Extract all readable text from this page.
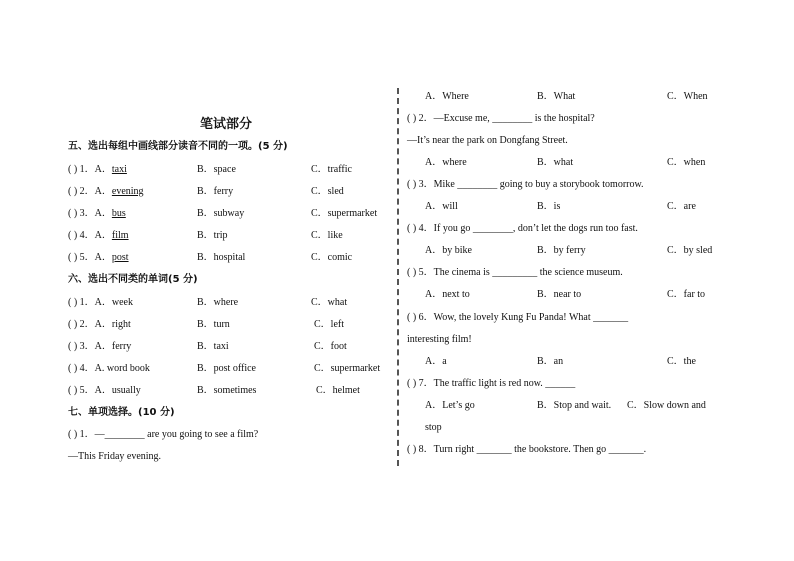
笔试部分
五、选出每组中画线部分读音不同的一项。(5 分)
( ) 1．A．taxi	B．space	C．traffic
( ) 2．A．evening	B．ferry	C．sled
( ) 3．A．bus	B．subway	C．supermarket
( ) 4．A．film	B．trip	C．like
( ) 5．A．post	B．hospital	C．comic
六、选出不同类的单词(5 分)
( ) 1．A．week	B．where	C．what
( ) 2．A．right	B．turn	C．left
( ) 3．A．ferry	B．taxi	C．foot
( ) 4．A. word book	B．post office	C．supermarket
( ) 5．A．usually	B．sometimes	C．helmet
七、单项选择。(10 分)
( ) 1．—________ are you going to see a film?
—This Friday evening.
A．Where	B．What	C．When
( ) 2．—Excuse me, ________ is the hospital?
—It’s near the park on Dongfang Street.
A．where	B．what	C．when
( ) 3．Mike ________ going to buy a storybook tomorrow.
A．will	B．is	C．are
( ) 4．If you go ________, don’t let the dogs run too fast.
A．by bike	B．by ferry	C．by sled
( ) 5．The cinema is _________ the science museum.
A．next to	B．near to	C．far to
( ) 6．Wow, the lovely Kung Fu Panda! What _______
interesting film!
A．a	B．an	C．the
( ) 7．The traffic light is red now. ______
A．Let’s go	B．Stop and wait. C．Slow down and
stop
( ) 8．Turn right _______ the bookstore. Then go _______.
